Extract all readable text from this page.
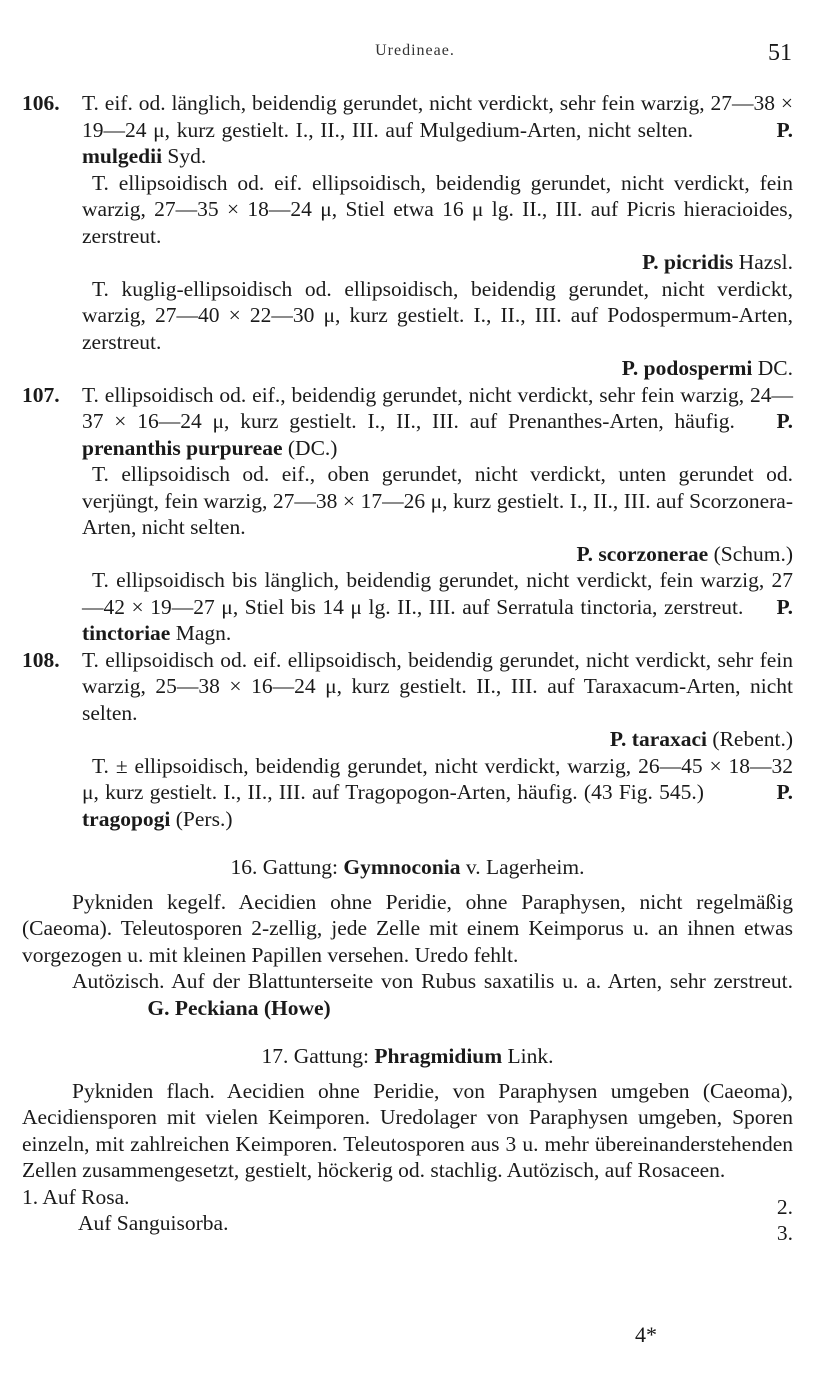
Uredineae.	51
106. T. eif. od. länglich, beidendig gerundet, nicht verdickt, sehr fein warzig, 27—38 × 19—24 μ, kurz gestielt. I., II., III. auf Mulgedium-Arten, nicht selten.	P. mulgedii Syd.
T. ellipsoidisch od. eif. ellipsoidisch, beidendig gerundet, nicht verdickt, fein warzig, 27—35 × 18—24 μ, Stiel etwa 16 μ lg. II., III. auf Picris hieracioides, zerstreut.
P. picridis Hazsl.
T. kuglig-ellipsoidisch od. ellipsoidisch, beidendig gerundet, nicht verdickt, warzig, 27—40 × 22—30 μ, kurz gestielt. I., II., III. auf Podospermum-Arten, zerstreut.
P. podospermi DC.
107. T. ellipsoidisch od. eif., beidendig gerundet, nicht verdickt, sehr fein warzig, 24—37 × 16—24 μ, kurz gestielt. I., II., III. auf Prenanthes-Arten, häufig. P. prenanthis purpureae (DC.)
T. ellipsoidisch od. eif., oben gerundet, nicht verdickt, unten gerundet od. verjüngt, fein warzig, 27—38 × 17—26 μ, kurz gestielt. I., II., III. auf Scorzonera-Arten, nicht selten.
P. scorzonerae (Schum.)
T. ellipsoidisch bis länglich, beidendig gerundet, nicht verdickt, fein warzig, 27—42 × 19—27 μ, Stiel bis 14 μ lg. II., III. auf Serratula tinctoria, zerstreut. P. tinctoriae Magn.
108. T. ellipsoidisch od. eif. ellipsoidisch, beidendig gerundet, nicht verdickt, sehr fein warzig, 25—38 × 16—24 μ, kurz gestielt. II., III. auf Taraxacum-Arten, nicht selten.
P. taraxaci (Rebent.)
T. ± ellipsoidisch, beidendig gerundet, nicht verdickt, warzig, 26—45 × 18—32 μ, kurz gestielt. I., II., III. auf Tragopogon-Arten, häufig. (43 Fig. 545.)	P. tragopogi (Pers.)
16. Gattung: Gymnoconia v. Lagerheim.
Pykniden kegelf. Aecidien ohne Peridie, ohne Paraphysen, nicht regelmäßig (Caeoma). Teleutosporen 2-zellig, jede Zelle mit einem Keimporus u. an ihnen etwas vorgezogen u. mit kleinen Papillen versehen. Uredo fehlt.
Autözisch. Auf der Blattunterseite von Rubus saxatilis u. a. Arten, sehr zerstreut.  G. Peckiana (Howe)
17. Gattung: Phragmidium Link.
Pykniden flach. Aecidien ohne Peridie, von Paraphysen umgeben (Caeoma), Aecidiensporen mit vielen Keimporen. Uredolager von Paraphysen umgeben, Sporen einzeln, mit zahlreichen Keimporen. Teleutosporen aus 3 u. mehr übereinanderstehenden Zellen zusammengesetzt, gestielt, höckerig od. stachlig. Autözisch, auf Rosaceen.
1. Auf Rosa.	2.
Auf Sanguisorba.	3.
4*
